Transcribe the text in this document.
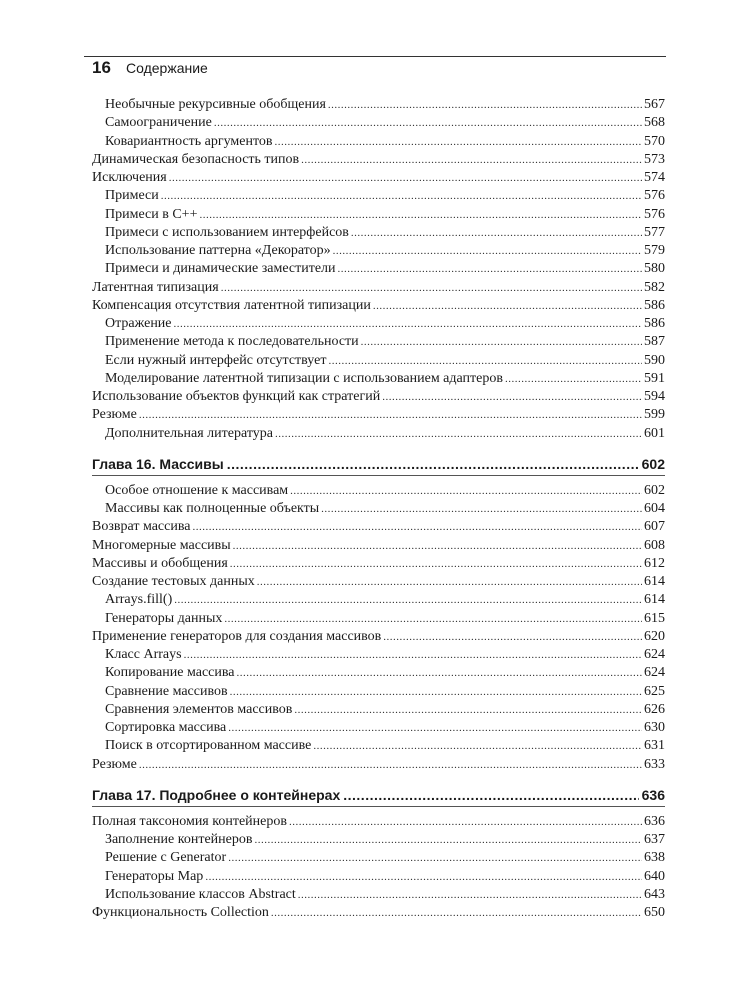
16	Содержание
Необычные рекурсивные обобщения .....	567
Самоограничение .....	568
Ковариантность аргументов .....	570
Динамическая безопасность типов .....	573
Исключения .....	574
Примеси .....	576
Примеси в C++ .....	576
Примеси с использованием интерфейсов .....	577
Использование паттерна «Декоратор» .....	579
Примеси и динамические заместители .....	580
Латентная типизация .....	582
Компенсация отсутствия латентной типизации .....	586
Отражение .....	586
Применение метода к последовательности .....	587
Если нужный интерфейс отсутствует .....	590
Моделирование латентной типизации с использованием адаптеров .....	591
Использование объектов функций как стратегий .....	594
Резюме .....	599
Дополнительная литература .....	601
Глава 16. Массивы .....	602
Особое отношение к массивам .....	602
Массивы как полноценные объекты .....	604
Возврат массива .....	607
Многомерные массивы .....	608
Массивы и обобщения .....	612
Создание тестовых данных .....	614
Arrays.fill() .....	614
Генераторы данных .....	615
Применение генераторов для создания массивов .....	620
Класс Arrays .....	624
Копирование массива .....	624
Сравнение массивов .....	625
Сравнения элементов массивов .....	626
Сортировка массива .....	630
Поиск в отсортированном массиве .....	631
Резюме .....	633
Глава 17. Подробнее о контейнерах .....	636
Полная таксономия контейнеров .....	636
Заполнение контейнеров .....	637
Решение с Generator .....	638
Генераторы Map .....	640
Использование классов Abstract .....	643
Функциональность Collection .....	650
